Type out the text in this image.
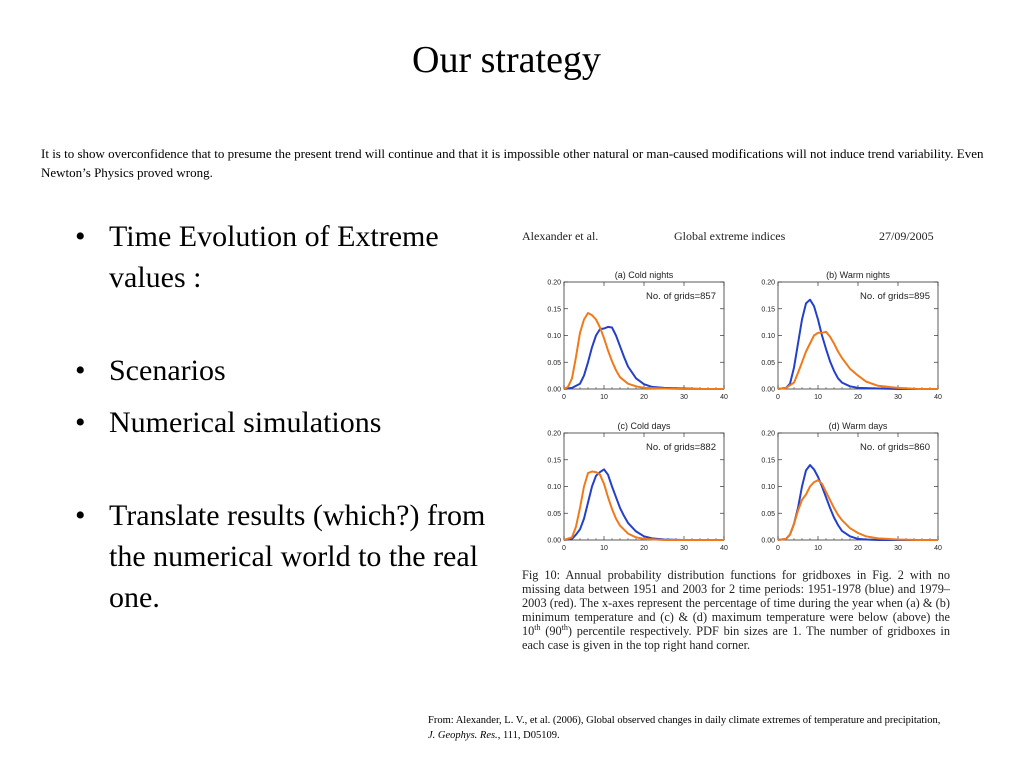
Our strategy
It is to show overconfidence that to presume the present trend will continue and that it is impossible other natural or man-caused modifications will not induce trend variability. Even Newton’s Physics proved wrong.
• Time Evolution of Extreme values :
• Scenarios
• Numerical simulations
• Translate results (which?) from the numerical world to the real one.
Alexander et al.	Global extreme indices	27/09/2005
(a) Cold nights
No. of grids=857
0	10	20	30	40
0.00
0.05
0.10
0.15
0.20
(b) Warm nights
No. of grids=895
0	10	20	30	40
0.00
0.05
0.10
0.15
0.20
(c) Cold days
No. of grids=882
0	10	20	30	40
0.00
0.05
0.10
0.15
0.20
(d) Warm days
No. of grids=860
0	10	20	30	40
0.00
0.05
0.10
0.15
0.20
Fig 10: Annual probability distribution functions for gridboxes in Fig. 2 with no missing data between 1951 and 2003 for 2 time periods: 1951-1978 (blue) and 1979–2003 (red). The x-axes represent the percentage of time during the year when (a) & (b) minimum temperature and (c) & (d) maximum temperature were below (above) the 10th (90th) percentile respectively. PDF bin sizes are 1. The number of gridboxes in each case is given in the top right hand corner.
From: Alexander, L. V., et al. (2006), Global observed changes in daily climate extremes of temperature and precipitation,
J. Geophys. Res., 111, D05109.
